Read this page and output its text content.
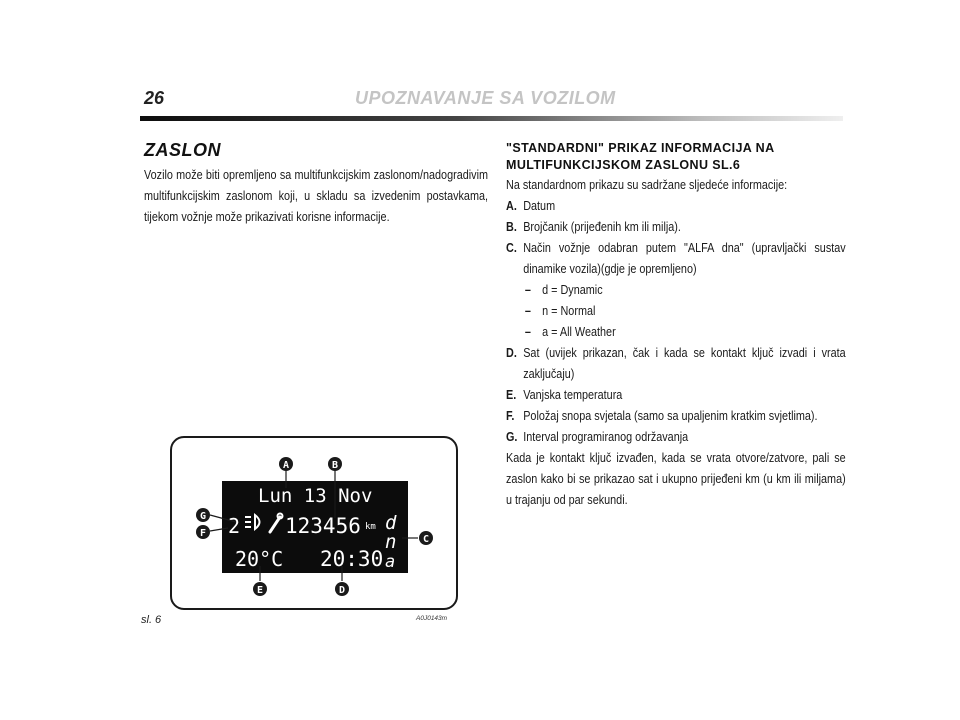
26	UPOZNAVANJE SA VOZILOM
ZASLON
Vozilo može biti opremljeno sa multifunkcijskim zaslonom/nadogradivim multifunkcijskim zaslonom koji, u skladu sa izvedenim postavkama, tijekom vožnje može prikazivati korisne informacije.
"STANDARDNI" PRIKAZ INFORMACIJA NA
MULTIFUNKCIJSKOM ZASLONU SL.6
Na standardnom prikazu su sadržane sljedeće informacije:
A. Datum
B. Brojčanik (prijeđenih km ili milja).
C. Način vožnje odabran putem "ALFA dna" (upravljački sustav dinamike vozila)(gdje je opremljeno)
– d = Dynamic
– n = Normal
– a = All Weather
D. Sat (uvijek prikazan, čak i kada se kontakt ključ izvadi i vrata zaključaju)
E. Vanjska temperatura
F. Položaj snopa svjetala (samo sa upaljenim kratkim svjetlima).
G. Interval programiranog održavanja
Kada je kontakt ključ izvađen, kada se vrata otvore/zatvore, pali se zaslon kako bi se prikazao sat i ukupno prijeđeni km (u km ili miljama) u trajanju od par sekundi.
Lun 13 Nov
2 123456 km d
n
a
20°C 20:30
A	B
C
D
E
F
G
sl. 6	A0J0143m
